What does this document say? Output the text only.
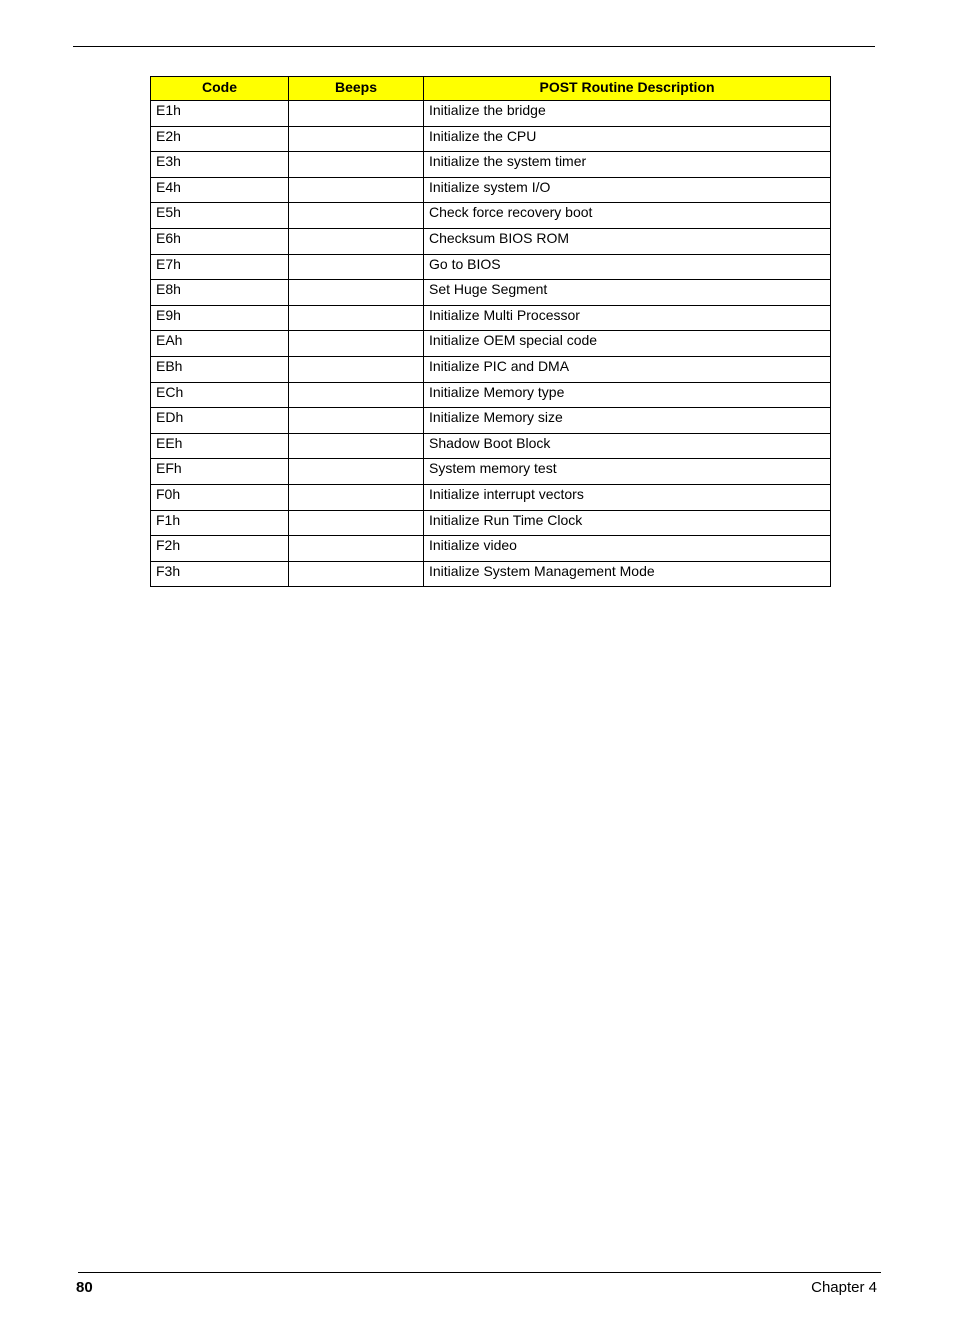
Code	Beeps	POST Routine Description
E1h		Initialize the bridge
E2h		Initialize the CPU
E3h		Initialize the system timer
E4h		Initialize system I/O
E5h		Check force recovery boot
E6h		Checksum BIOS ROM
E7h		Go to BIOS
E8h		Set Huge Segment
E9h		Initialize Multi Processor
EAh		Initialize OEM special code
EBh		Initialize PIC and DMA
ECh		Initialize Memory type
EDh		Initialize Memory size
EEh		Shadow Boot Block
EFh		System memory test
F0h		Initialize interrupt vectors
F1h		Initialize Run Time Clock
F2h		Initialize video
F3h		Initialize System Management Mode
80	Chapter 4
